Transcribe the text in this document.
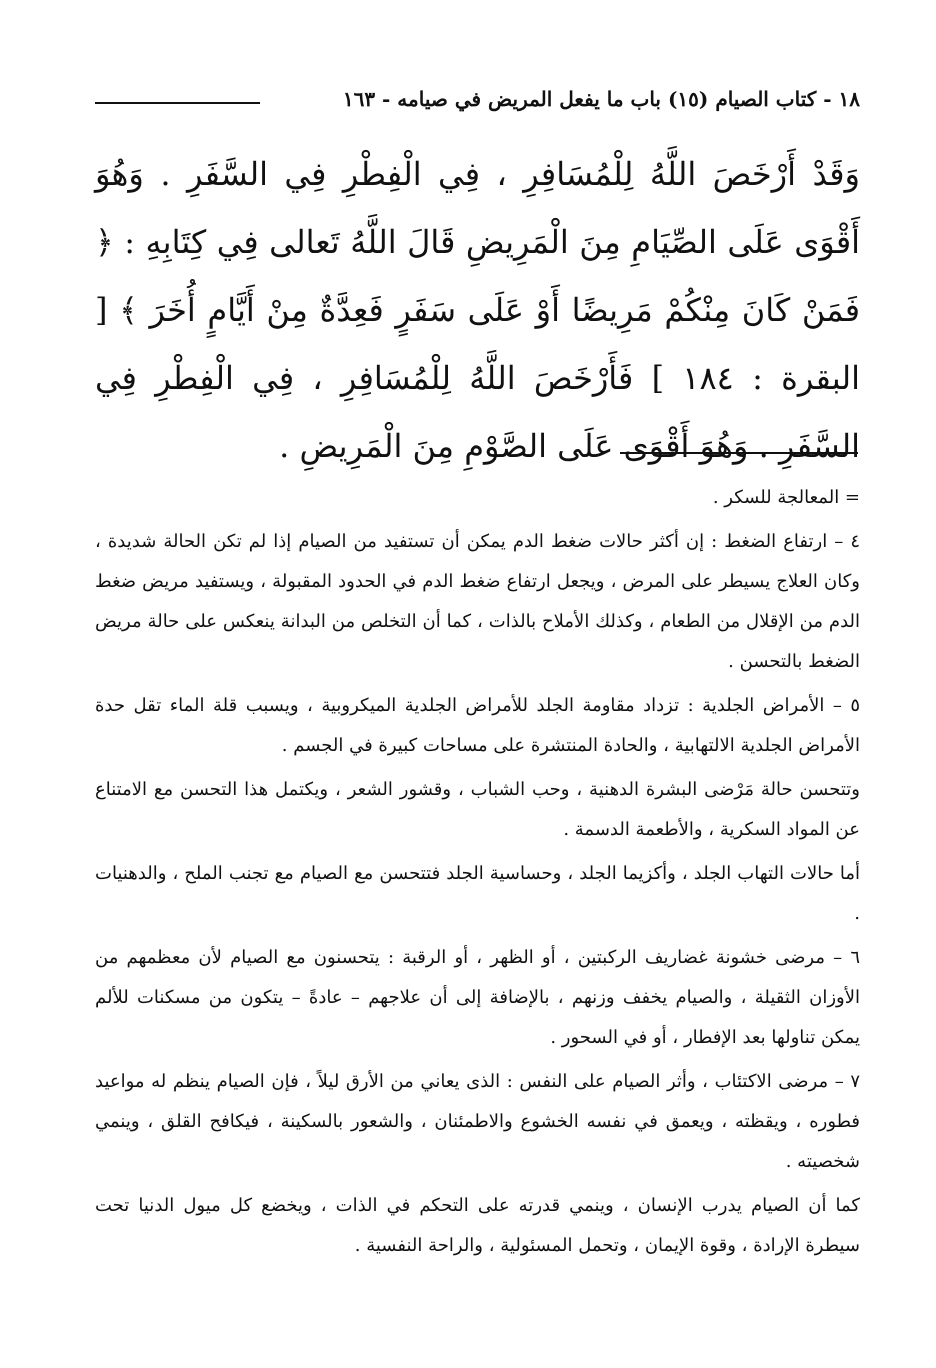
١٨ - كتاب الصيام (١٥) باب ما يفعل المريض في صيامه - ١٦٣

وَقَدْ أَرْخَصَ اللَّهُ لِلْمُسَافِرِ ، فِي الْفِطْرِ فِي السَّفَرِ . وَهُوَ أَقْوَى عَلَى الصِّيَامِ مِنَ الْمَرِيضِ قَالَ اللَّهُ تَعالى فِي كِتَابِهِ : ﴿ فَمَنْ كَانَ مِنْكُمْ مَرِيضًا أَوْ عَلَى سَفَرٍ فَعِدَّةٌ مِنْ أَيَّامٍ أُخَرَ ﴾ [ البقرة : ١٨٤ ] فَأَرْخَصَ اللَّهُ لِلْمُسَافِرِ ، فِي الْفِطْرِ فِي السَّفَرِ . وَهُوَ أَقْوَى عَلَى الصَّوْمِ مِنَ الْمَرِيضِ .

= المعالجة للسكر .

٤ – ارتفاع الضغط : إن أكثر حالات ضغط الدم يمكن أن تستفيد من الصيام إذا لم تكن الحالة شديدة ، وكان العلاج يسيطر على المرض ، ويجعل ارتفاع ضغط الدم في الحدود المقبولة ، ويستفيد مريض ضغط الدم من الإقلال من الطعام ، وكذلك الأملاح بالذات ، كما أن التخلص من البدانة ينعكس على حالة مريض الضغط بالتحسن .

٥ – الأمراض الجلدية : تزداد مقاومة الجلد للأمراض الجلدية الميكروبية ، ويسبب قلة الماء تقل حدة الأمراض الجلدية الالتهابية ، والحادة المنتشرة على مساحات كبيرة في الجسم .

وتتحسن حالة مَرْضى البشرة الدهنية ، وحب الشباب ، وقشور الشعر ، ويكتمل هذا التحسن مع الامتناع عن المواد السكرية ، والأطعمة الدسمة .

أما حالات التهاب الجلد ، وأكزيما الجلد ، وحساسية الجلد فتتحسن مع الصيام مع تجنب الملح ، والدهنيات .

٦ – مرضى خشونة غضاريف الركبتين ، أو الظهر ، أو الرقبة : يتحسنون مع الصيام لأن معظمهم من الأوزان الثقيلة ، والصيام يخفف وزنهم ، بالإضافة إلى أن علاجهم – عادةً – يتكون من مسكنات للألم يمكن تناولها بعد الإفطار ، أو في السحور .

٧ – مرضى الاكتئاب ، وأثر الصيام على النفس : الذى يعاني من الأرق ليلاً ، فإن الصيام ينظم له مواعيد فطوره ، ويقظته ، ويعمق في نفسه الخشوع والاطمئنان ، والشعور بالسكينة ، فيكافح القلق ، وينمي شخصيته .

كما أن الصيام يدرب الإنسان ، وينمي قدرته على التحكم في الذات ، ويخضع كل ميول الدنيا تحت سيطرة الإرادة ، وقوة الإيمان ، وتحمل المسئولية ، والراحة النفسية .
